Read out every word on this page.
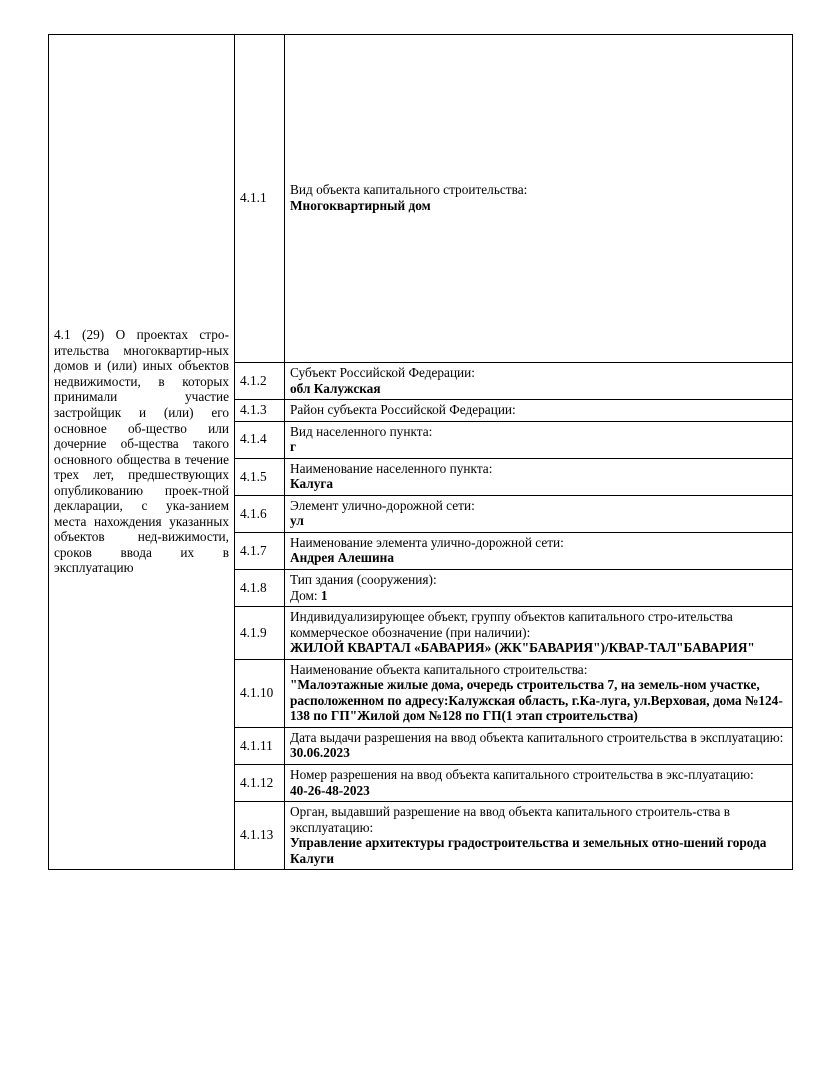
4.1 (29) О проектах стро-ительства многоквартир-ных домов и (или) иных объектов недвижимости, в которых принимали участие застройщик и (или) его основное об-щество или дочерние об-щества такого основного общества в течение трех лет, предшествующих опубликованию проек-тной декларации, с ука-занием места нахождения указанных объектов нед-вижимости, сроков ввода их в эксплуатацию	4.1.1	Вид объекта капитального строительства:
Многоквартирный дом

	4.1.2	Субъект Российской Федерации:
обл Калужская

	4.1.3	Район субъекта Российской Федерации:

	4.1.4	Вид населенного пункта:
г

	4.1.5	Наименование населенного пункта:
Калуга

	4.1.6	Элемент улично-дорожной сети:
ул

	4.1.7	Наименование элемента улично-дорожной сети:
Андрея Алешина

	4.1.8	Тип здания (сооружения):
Дом: 1

	4.1.9	Индивидуализирующее объект, группу объектов капитального стро-ительства коммерческое обозначение (при наличии):
ЖИЛОЙ КВАРТАЛ «БАВАРИЯ» (ЖК"БАВАРИЯ")/КВАР-ТАЛ"БАВАРИЯ"

	4.1.10	Наименование объекта капитального строительства:
"Малоэтажные жилые дома, очередь строительства 7, на земель-ном участке, расположенном по адресу:Калужская область, г.Ка-луга, ул.Верховая, дома №124-138 по ГП"Жилой дом №128 по ГП(1 этап строительства)

	4.1.11	Дата выдачи разрешения на ввод объекта капитального строительства в эксплуатацию:
30.06.2023

	4.1.12	Номер разрешения на ввод объекта капитального строительства в экс-плуатацию:
40-26-48-2023

	4.1.13	Орган, выдавший разрешение на ввод объекта капитального строитель-ства в эксплуатацию:
Управление архитектуры градостроительства и земельных отно-шений города Калуги
